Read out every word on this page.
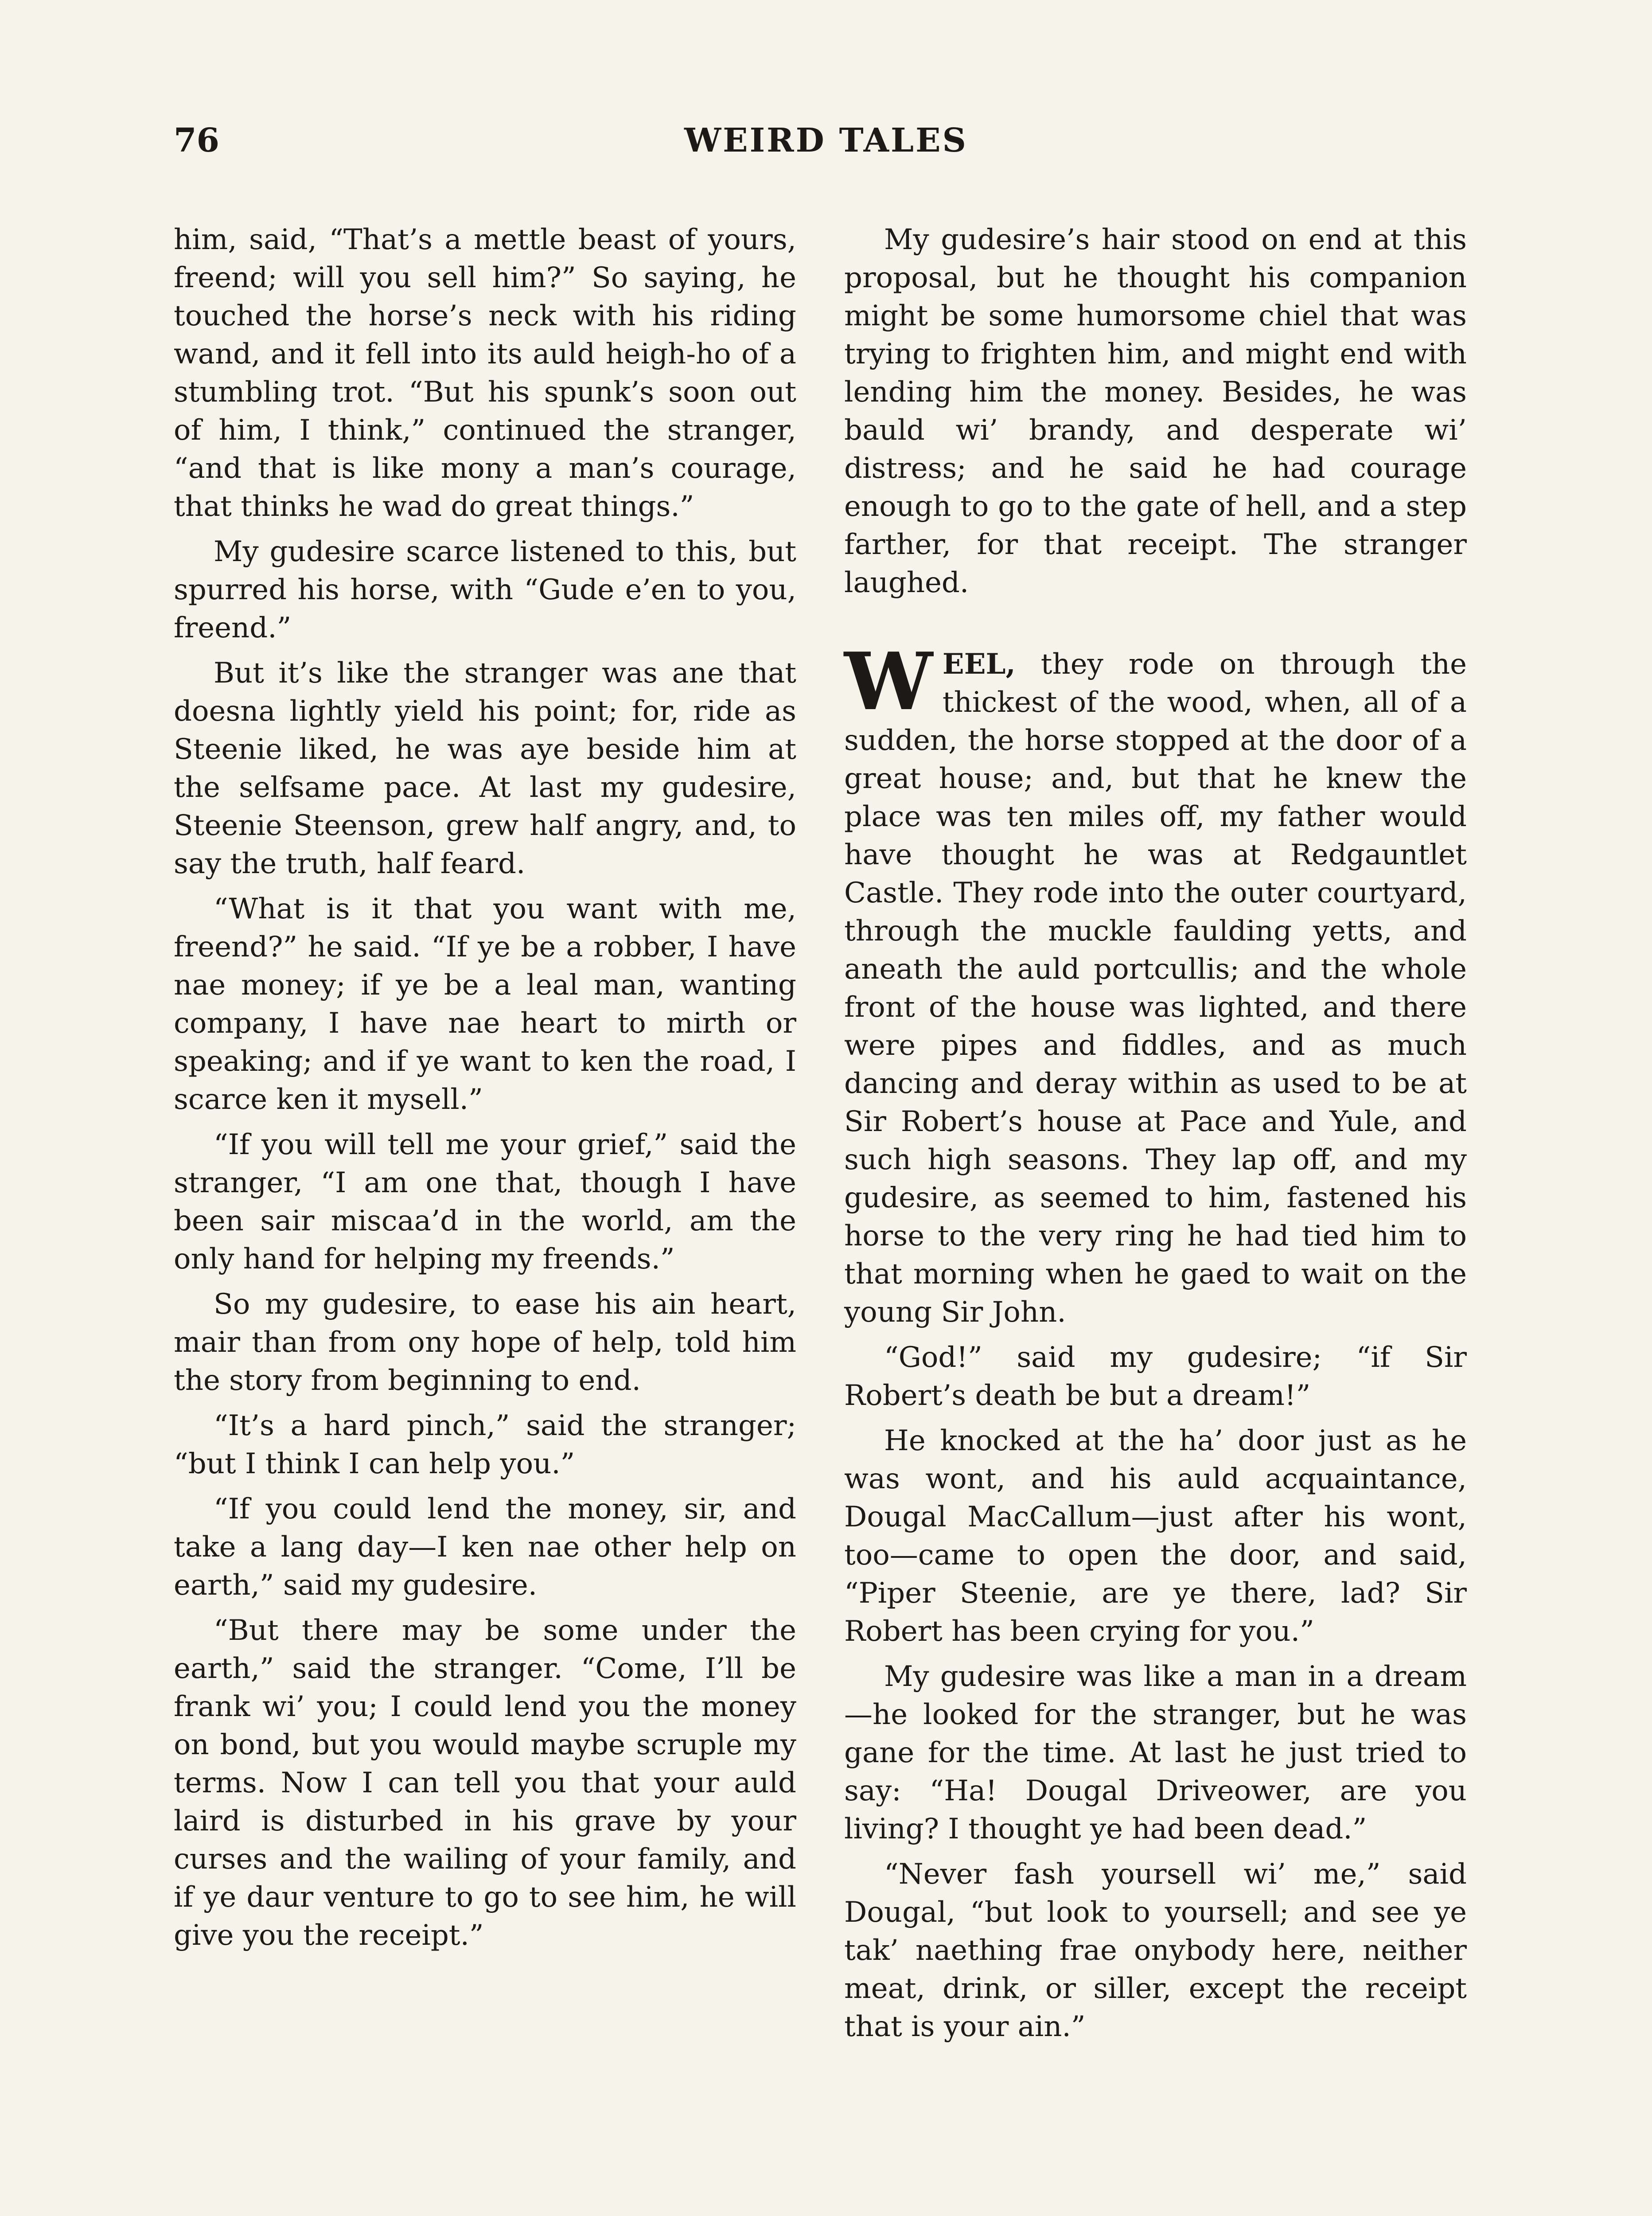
76	WEIRD TALES

him, said, “That’s a mettle beast of yours, freend; will you sell him?” So saying, he touched the horse’s neck with his riding wand, and it fell into its auld heigh-ho of a stumbling trot. “But his spunk’s soon out of him, I think,” continued the stranger, “and that is like mony a man’s courage, that thinks he wad do great things.”

My gudesire scarce listened to this, but spurred his horse, with “Gude e’en to you, freend.”

But it’s like the stranger was ane that doesna lightly yield his point; for, ride as Steenie liked, he was aye beside him at the selfsame pace. At last my gudesire, Steenie Steenson, grew half angry, and, to say the truth, half feard.

“What is it that you want with me, freend?” he said. “If ye be a robber, I have nae money; if ye be a leal man, wanting company, I have nae heart to mirth or speaking; and if ye want to ken the road, I scarce ken it mysell.”

“If you will tell me your grief,” said the stranger, “I am one that, though I have been sair miscaa’d in the world, am the only hand for helping my freends.”

So my gudesire, to ease his ain heart, mair than from ony hope of help, told him the story from beginning to end.

“It’s a hard pinch,” said the stranger; “but I think I can help you.”

“If you could lend the money, sir, and take a lang day—I ken nae other help on earth,” said my gudesire.

“But there may be some under the earth,” said the stranger. “Come, I’ll be frank wi’ you; I could lend you the money on bond, but you would maybe scruple my terms. Now I can tell you that your auld laird is disturbed in his grave by your curses and the wailing of your family, and if ye daur venture to go to see him, he will give you the receipt.”

My gudesire’s hair stood on end at this proposal, but he thought his companion might be some humorsome chiel that was trying to frighten him, and might end with lending him the money. Besides, he was bauld wi’ brandy, and desperate wi’ distress; and he said he had courage enough to go to the gate of hell, and a step farther, for that receipt. The stranger laughed.

WEEL, they rode on through the thickest of the wood, when, all of a sudden, the horse stopped at the door of a great house; and, but that he knew the place was ten miles off, my father would have thought he was at Redgauntlet Castle. They rode into the outer courtyard, through the muckle faulding yetts, and aneath the auld portcullis; and the whole front of the house was lighted, and there were pipes and fiddles, and as much dancing and deray within as used to be at Sir Robert’s house at Pace and Yule, and such high seasons. They lap off, and my gudesire, as seemed to him, fastened his horse to the very ring he had tied him to that morning when he gaed to wait on the young Sir John.

“God!” said my gudesire; “if Sir Robert’s death be but a dream!”

He knocked at the ha’ door just as he was wont, and his auld acquaintance, Dougal MacCallum—just after his wont, too—came to open the door, and said, “Piper Steenie, are ye there, lad? Sir Robert has been crying for you.”

My gudesire was like a man in a dream—he looked for the stranger, but he was gane for the time. At last he just tried to say: “Ha! Dougal Driveower, are you living? I thought ye had been dead.”

“Never fash yoursell wi’ me,” said Dougal, “but look to yoursell; and see ye tak’ naething frae onybody here, neither meat, drink, or siller, except the receipt that is your ain.”
